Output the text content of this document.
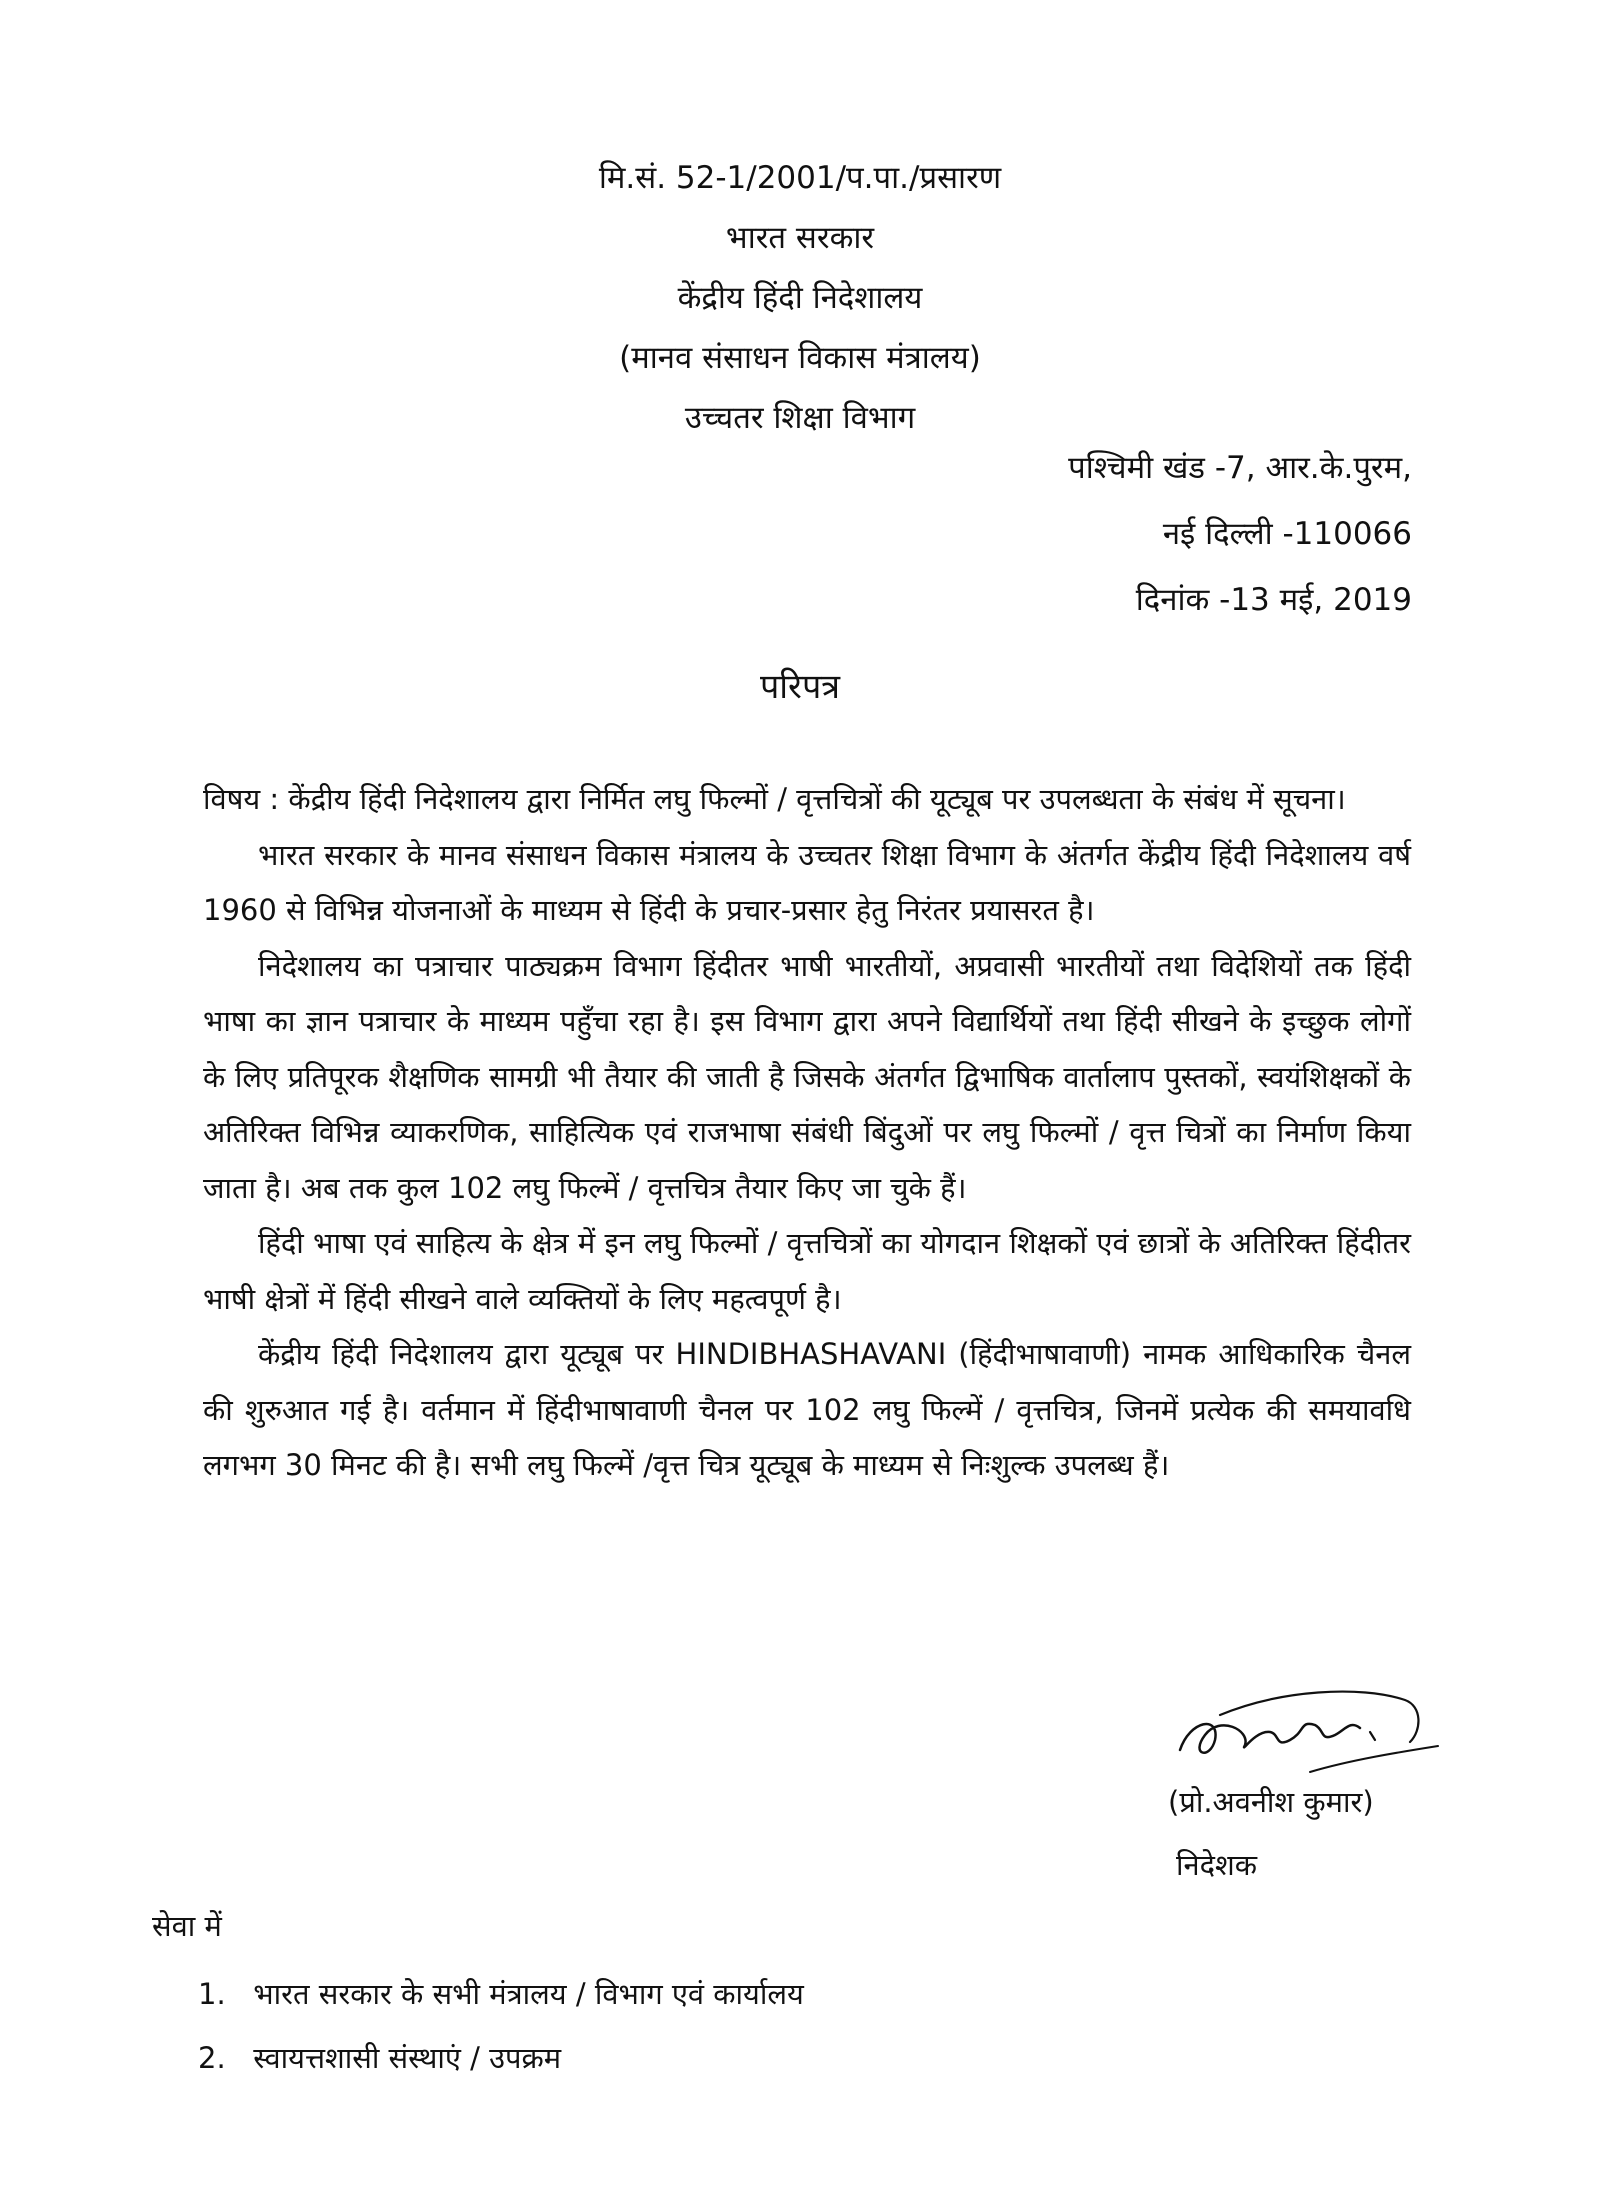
मि.सं. 52-1/2001/प.पा./प्रसारण
भारत सरकार
केंद्रीय हिंदी निदेशालय
(मानव संसाधन विकास मंत्रालय)
उच्चतर शिक्षा विभाग
पश्चिमी खंड -7, आर.के.पुरम,
नई दिल्ली -110066
दिनांक -13 मई, 2019
परिपत्र

विषय : केंद्रीय हिंदी निदेशालय द्वारा निर्मित लघु फिल्मों / वृत्तचित्रों की यूट्यूब पर उपलब्धता के संबंध में सूचना।

भारत सरकार के मानव संसाधन विकास मंत्रालय के उच्चतर शिक्षा विभाग के अंतर्गत केंद्रीय हिंदी निदेशालय वर्ष 1960 से विभिन्न योजनाओं के माध्यम से हिंदी के प्रचार-प्रसार हेतु निरंतर प्रयासरत है।

निदेशालय का पत्राचार पाठ्यक्रम विभाग हिंदीतर भाषी भारतीयों, अप्रवासी भारतीयों तथा विदेशियों तक हिंदी भाषा का ज्ञान पत्राचार के माध्यम पहुँचा रहा है। इस विभाग द्वारा अपने विद्यार्थियों तथा हिंदी सीखने के इच्छुक लोगों के लिए प्रतिपूरक शैक्षणिक सामग्री भी तैयार की जाती है जिसके अंतर्गत द्विभाषिक वार्तालाप पुस्तकों, स्वयंशिक्षकों के अतिरिक्त विभिन्न व्याकरणिक, साहित्यिक एवं राजभाषा संबंधी बिंदुओं पर लघु फिल्मों / वृत्त चित्रों का निर्माण किया जाता है। अब तक कुल 102 लघु फिल्में / वृत्तचित्र तैयार किए जा चुके हैं।

हिंदी भाषा एवं साहित्य के क्षेत्र में इन लघु फिल्मों / वृत्तचित्रों का योगदान शिक्षकों एवं छात्रों के अतिरिक्त हिंदीतर भाषी क्षेत्रों में हिंदी सीखने वाले व्यक्तियों के लिए महत्वपूर्ण है।

केंद्रीय हिंदी निदेशालय द्वारा यूट्यूब पर HINDIBHASHAVANI (हिंदीभाषावाणी) नामक आधिकारिक चैनल की शुरुआत गई है। वर्तमान में हिंदीभाषावाणी चैनल पर 102 लघु फिल्में / वृत्तचित्र, जिनमें प्रत्येक की समयावधि लगभग 30 मिनट की है। सभी लघु फिल्में /वृत्त चित्र यूट्यूब के माध्यम से निःशुल्क उपलब्ध हैं।

(प्रो.अवनीश कुमार)
निदेशक
सेवा में
1. भारत सरकार के सभी मंत्रालय / विभाग एवं कार्यालय
2. स्वायत्तशासी संस्थाएं / उपक्रम
